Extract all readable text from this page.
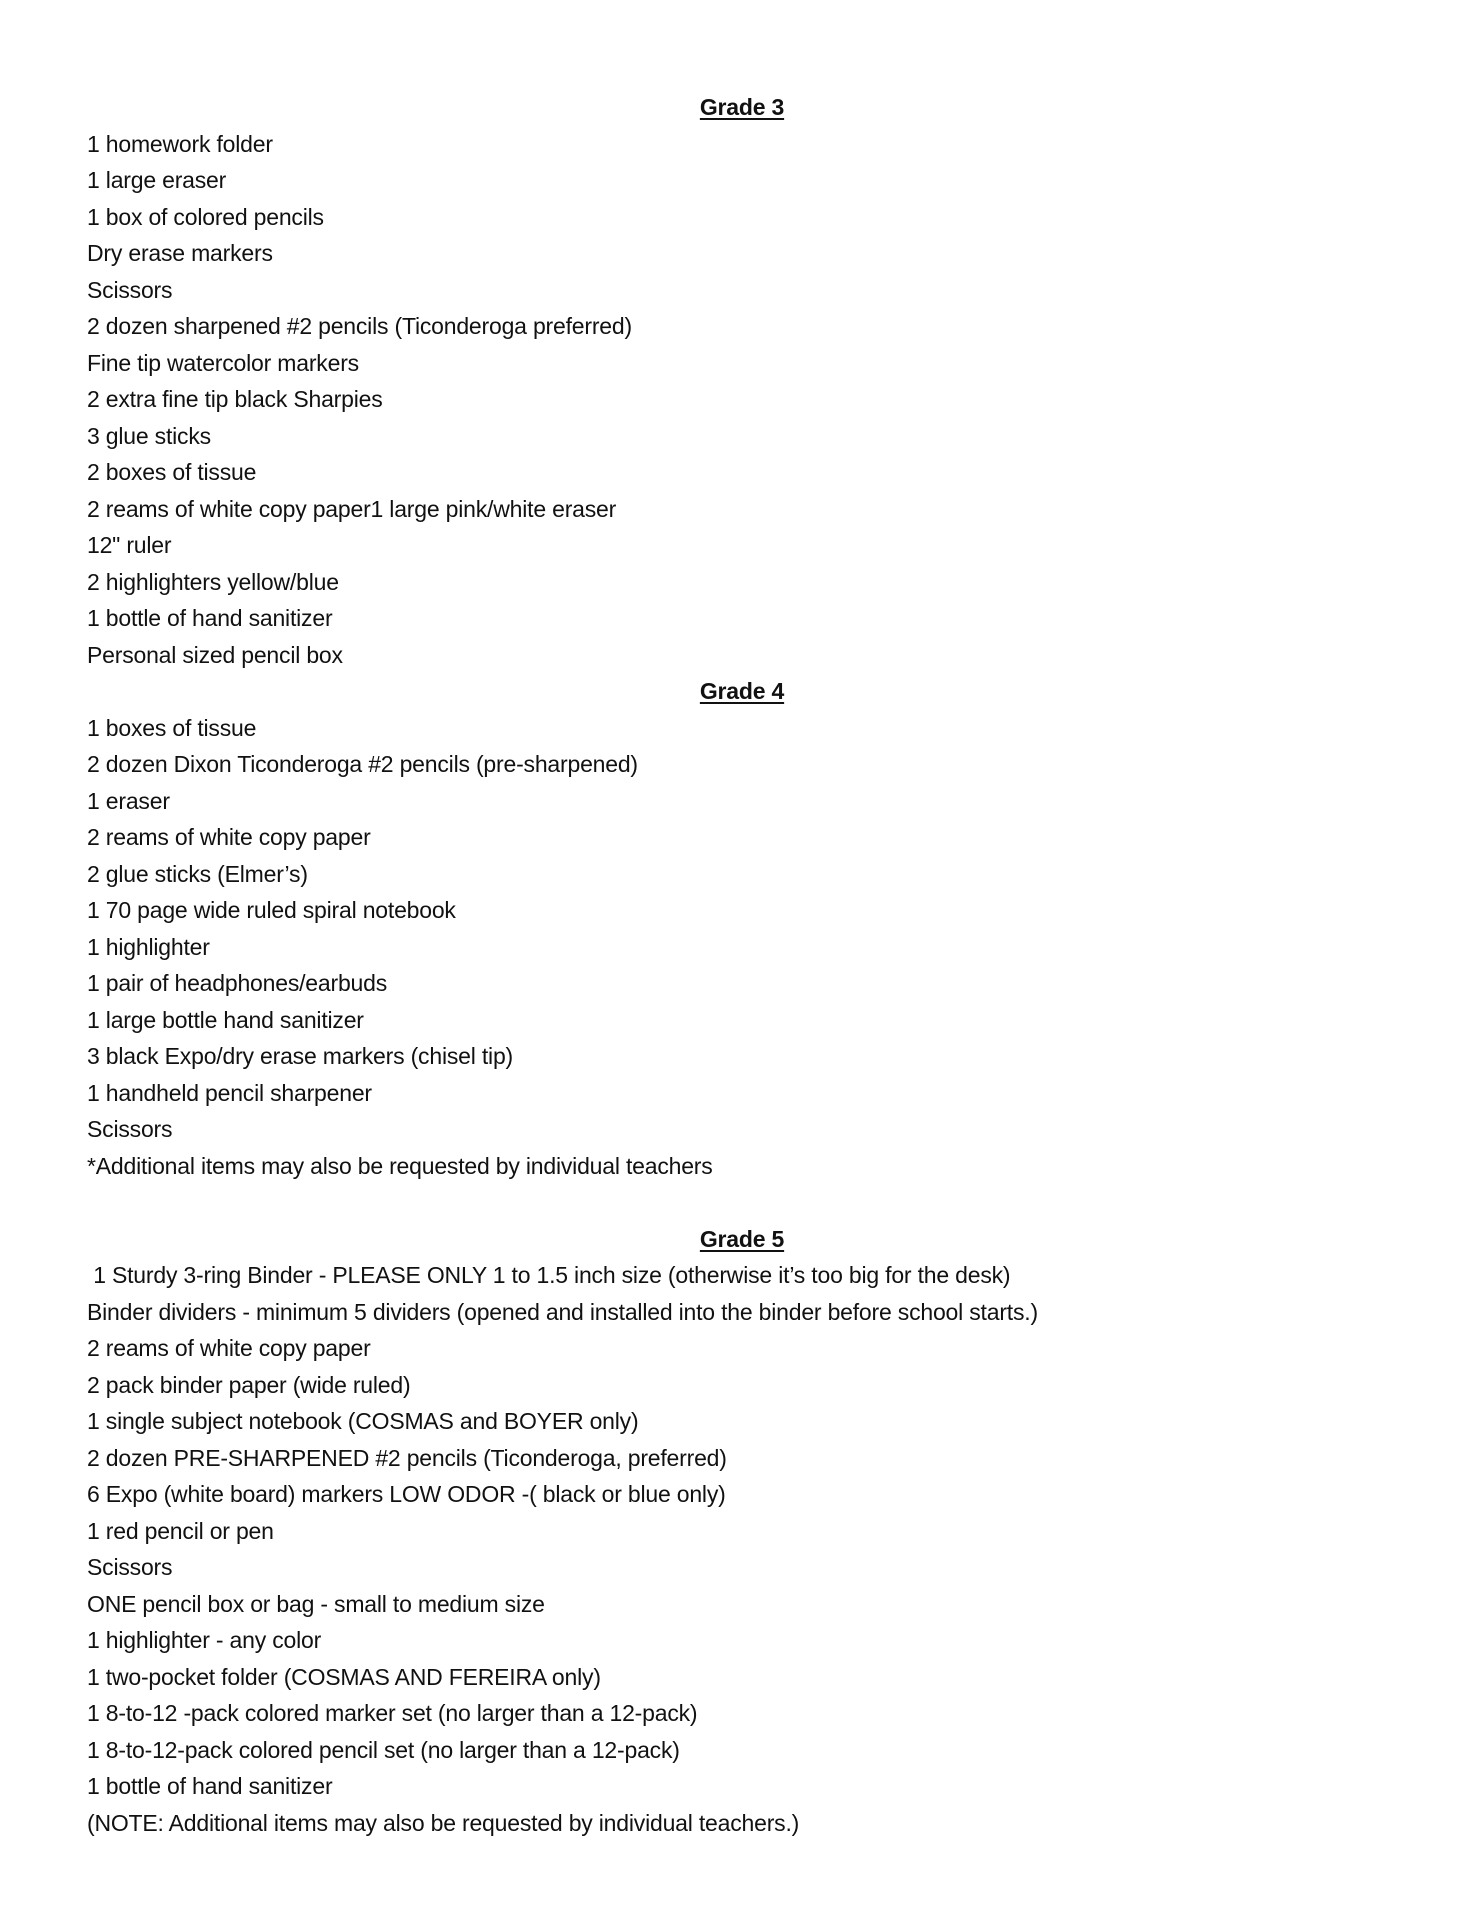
Grade 3
1 homework folder
1 large eraser
1 box of colored pencils
Dry erase markers
Scissors
2 dozen sharpened #2 pencils (Ticonderoga preferred)
Fine tip watercolor markers
2 extra fine tip black Sharpies
3 glue sticks
2 boxes of tissue
2 reams of white copy paper1 large pink/white eraser
12" ruler
2 highlighters yellow/blue
1 bottle of hand sanitizer
Personal sized pencil box
Grade 4
1 boxes of tissue
2 dozen Dixon Ticonderoga #2 pencils (pre-sharpened)
1 eraser
2 reams of white copy paper
2 glue sticks (Elmer’s)
1 70 page wide ruled spiral notebook
1 highlighter
1 pair of headphones/earbuds
1 large bottle hand sanitizer
3 black Expo/dry erase markers (chisel tip)
1 handheld pencil sharpener
Scissors
*Additional items may also be requested by individual teachers
Grade 5
1 Sturdy 3-ring Binder - PLEASE ONLY 1 to 1.5 inch size (otherwise it’s too big for the desk)
Binder dividers - minimum 5 dividers (opened and installed into the binder before school starts.)
2 reams of white copy paper
2 pack binder paper (wide ruled)
1 single subject notebook (COSMAS and BOYER only)
2 dozen PRE-SHARPENED #2 pencils (Ticonderoga, preferred)
6 Expo (white board) markers LOW ODOR -( black or blue only)
1 red pencil or pen
Scissors
ONE pencil box or bag - small to medium size
1 highlighter - any color
1 two-pocket folder (COSMAS AND FEREIRA only)
1 8-to-12 -pack colored marker set (no larger than a 12-pack)
1 8-to-12-pack colored pencil set (no larger than a 12-pack)
1 bottle of hand sanitizer
(NOTE: Additional items may also be requested by individual teachers.)
